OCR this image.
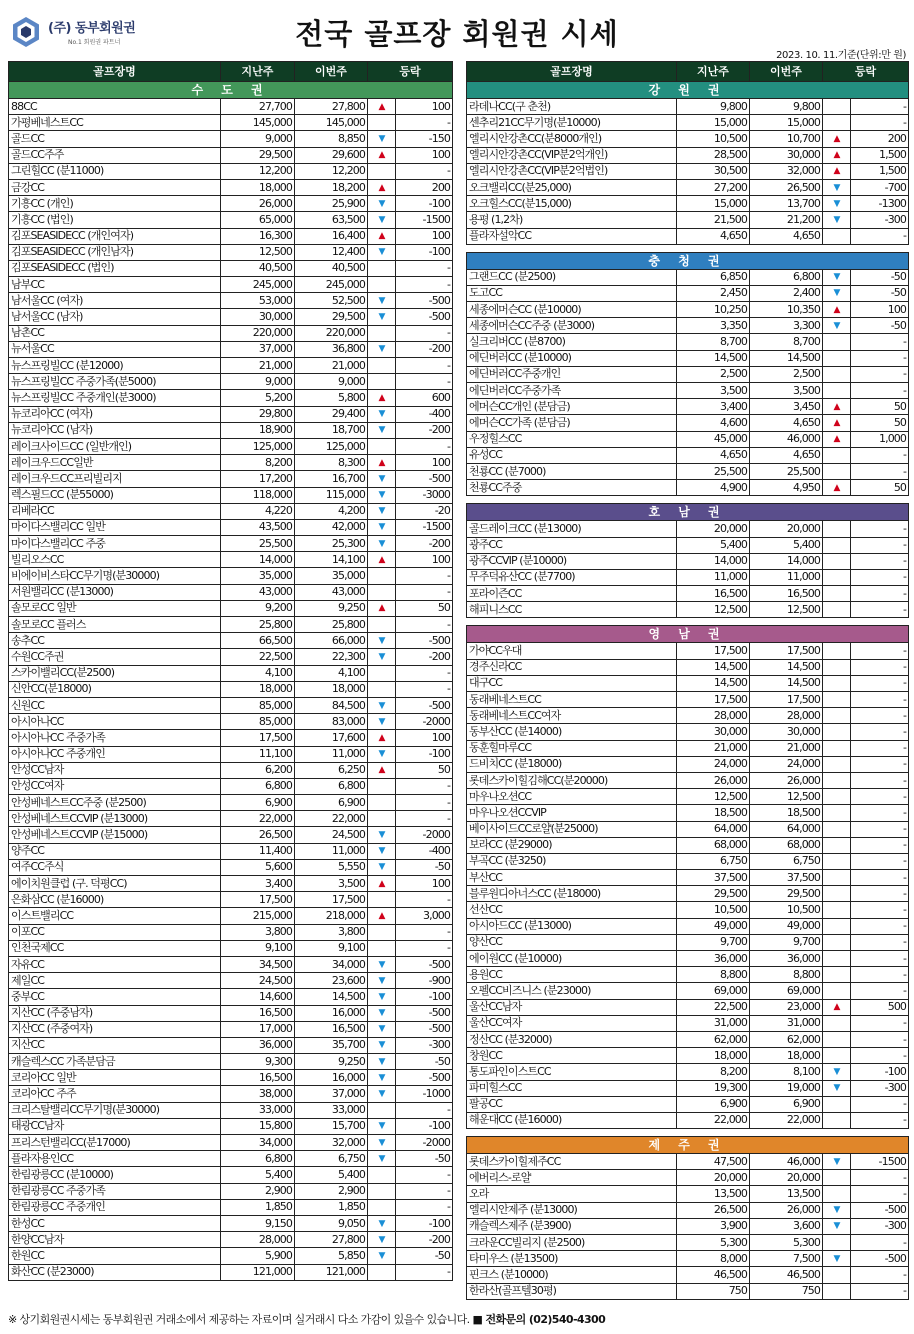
(주) 동부회원권
No.1 회원권 파트너	전국 골프장 회원권 시세
2023. 10. 11.기준(단위:만 원)
골프장명	지난주	이번주	등락	
수 도 권				
88CC	27,700	27,800	▲	100
가평베네스트CC	145,000	145,000		-
골드CC	9,000	8,850	▼	-150
골드CC주주	29,500	29,600	▲	100
그린힐CC (분11000)	12,200	12,200		-
금강CC	18,000	18,200	▲	200
기흥CC (개인)	26,000	25,900	▼	-100
기흥CC (법인)	65,000	63,500	▼	-1500
김포SEASIDECC (개인여자)	16,300	16,400	▲	100
김포SEASIDECC (개인남자)	12,500	12,400	▼	-100
김포SEASIDECC (법인)	40,500	40,500		-
남부CC	245,000	245,000		-
남서울CC (여자)	53,000	52,500	▼	-500
남서울CC (남자)	30,000	29,500	▼	-500
남촌CC	220,000	220,000		-
뉴서울CC	37,000	36,800	▼	-200
뉴스프링빌CC (분12000)	21,000	21,000		-
뉴스프링빌CC 주중가족(분5000)	9,000	9,000		-
뉴스프링빌CC 주중개인(분3000)	5,200	5,800	▲	600
뉴코리아CC (여자)	29,800	29,400	▼	-400
뉴코리아CC (남자)	18,900	18,700	▼	-200
레이크사이드CC (일반개인)	125,000	125,000		-
레이크우드CC일반	8,200	8,300	▲	100
레이크우드CC프리빌리지	17,200	16,700	▼	-500
렉스필드CC (분55000)	118,000	115,000	▼	-3000
리베라CC	4,220	4,200	▼	-20
마이다스밸리CC 일반	43,500	42,000	▼	-1500
마이다스밸리CC 주중	25,500	25,300	▼	-200
빌리오스CC	14,000	14,100	▲	100
비에이비스타CC무기명(분30000)	35,000	35,000		-
서원밸리CC (분13000)	43,000	43,000		-
솔모로CC 일반	9,200	9,250	▲	50
솔모로CC 플러스	25,800	25,800		-
송추CC	66,500	66,000	▼	-500
수원CC주권	22,500	22,300	▼	-200
스카이밸리CC(분2500)	4,100	4,100		-
신안CC(분18000)	18,000	18,000		-
신원CC	85,000	84,500	▼	-500
아시아나CC	85,000	83,000	▼	-2000
아시아나CC 주중가족	17,500	17,600	▲	100
아시아나CC 주중개인	11,100	11,000	▼	-100
안성CC남자	6,200	6,250	▲	50
안성CC여자	6,800	6,800		-
안성베네스트CC주중 (분2500)	6,900	6,900		-
안성베네스트CCVIP (분13000)	22,000	22,000		-
안성베네스트CCVIP (분15000)	26,500	24,500	▼	-2000
양주CC	11,400	11,000	▼	-400
여주CC주식	5,600	5,550	▼	-50
에이치원클럽 (구. 덕평CC)	3,400	3,500	▲	100
은화삼CC (분16000)	17,500	17,500		-
이스트밸리CC	215,000	218,000	▲	3,000
이포CC	3,800	3,800		-
인천국제CC	9,100	9,100		-
자유CC	34,500	34,000	▼	-500
제일CC	24,500	23,600	▼	-900
중부CC	14,600	14,500	▼	-100
지산CC (주중남자)	16,500	16,000	▼	-500
지산CC (주중여자)	17,000	16,500	▼	-500
지산CC	36,000	35,700	▼	-300
캐슬렉스CC 가족분담금	9,300	9,250	▼	-50
코리아CC 일반	16,500	16,000	▼	-500
코리아CC 주주	38,000	37,000	▼	-1000
크리스탈밸리CC무기명(분30000)	33,000	33,000		-
태광CC남자	15,800	15,700	▼	-100
프리스턴밸리CC(분17000)	34,000	32,000	▼	-2000
플라자용인CC	6,800	6,750	▼	-50
한림광릉CC (분10000)	5,400	5,400		-
한림광릉CC 주중가족	2,900	2,900		-
한림광릉CC 주중개인	1,850	1,850		-
한성CC	9,150	9,050	▼	-100
한양CC남자	28,000	27,800	▼	-200
한원CC	5,900	5,850	▼	-50
화산CC (분23000)	121,000	121,000		-
골프장명	지난주	이번주	등락	
강 원 권				
라데나CC(구 춘천)	9,800	9,800		-
센추리21CC무기명(분10000)	15,000	15,000		-
엘리시안강촌CC(분8000개인)	10,500	10,700	▲	200
엘리시안강촌CC(VIP분2억개인)	28,500	30,000	▲	1,500
엘리시안강촌CC(VIP분2억법인)	30,500	32,000	▲	1,500
오크밸리CC(분25,000)	27,200	26,500	▼	-700
오크힐스CC(분15,000)	15,000	13,700	▼	-1300
용평 (1,2차)	21,500	21,200	▼	-300
플라자설악CC	4,650	4,650		-

충 청 권				
그랜드CC (분2500)	6,850	6,800	▼	-50
도고CC	2,450	2,400	▼	-50
세종에머슨CC (분10000)	10,250	10,350	▲	100
세종에머슨CC주중 (분3000)	3,350	3,300	▼	-50
실크리버CC (분8700)	8,700	8,700		-
에딘버러CC (분10000)	14,500	14,500		-
에딘버러CC주중개인	2,500	2,500		-
에딘버러CC주중가족	3,500	3,500		-
에머슨CC개인 (분담금)	3,400	3,450	▲	50
에머슨CC가족 (분담금)	4,600	4,650	▲	50
우정힐스CC	45,000	46,000	▲	1,000
유성CC	4,650	4,650		-
천룡CC (분7000)	25,500	25,500		-
천룡CC주중	4,900	4,950	▲	50

호 남 권				
골드레이크CC (분13000)	20,000	20,000		-
광주CC	5,400	5,400		-
광주CCVIP (분10000)	14,000	14,000		-
무주덕유산CC (분7700)	11,000	11,000		-
포라이즌CC	16,500	16,500		-
해피니스CC	12,500	12,500		-

영 남 권				
가야CC우대	17,500	17,500		-
경주신라CC	14,500	14,500		-
대구CC	14,500	14,500		-
동래베네스트CC	17,500	17,500		-
동래베네스트CC여자	28,000	28,000		-
동부산CC (분14000)	30,000	30,000		-
동훈힐마루CC	21,000	21,000		-
드비치CC (분18000)	24,000	24,000		-
롯데스카이힐김해CC(분20000)	26,000	26,000		-
마우나오션CC	12,500	12,500		-
마우나오션CCVIP	18,500	18,500		-
베이사이드CC로얄(분25000)	64,000	64,000		-
보라CC (분29000)	68,000	68,000		-
부곡CC (분3250)	6,750	6,750		-
부산CC	37,500	37,500		-
블루원디아너스CC (분18000)	29,500	29,500		-
선산CC	10,500	10,500		-
아시아드CC (분13000)	49,000	49,000		-
양산CC	9,700	9,700		-
에이원CC (분10000)	36,000	36,000		-
용원CC	8,800	8,800		-
오펠CC비즈니스 (분23000)	69,000	69,000		-
울산CC남자	22,500	23,000	▲	500
울산CC여자	31,000	31,000		-
정산CC (분32000)	62,000	62,000		-
창원CC	18,000	18,000		-
통도파인이스트CC	8,200	8,100	▼	-100
파미힐스CC	19,300	19,000	▼	-300
팔공CC	6,900	6,900		-
해운대CC (분16000)	22,000	22,000		-

제 주 권				
롯데스카이힐제주CC	47,500	46,000	▼	-1500
에버리스-로얄	20,000	20,000		-
오라	13,500	13,500		-
엘리시안제주 (분13000)	26,500	26,000	▼	-500
캐슬렉스제주 (분3900)	3,900	3,600	▼	-300
크라운CC빌리지 (분2500)	5,300	5,300		-
타미우스 (분13500)	8,000	7,500	▼	-500
핀크스 (분10000)	46,500	46,500		-
한라산(골프텔30평)	750	750		-
※ 상기회원권시세는 동부회원권 거래소에서 제공하는 자료이며 실거래시 다소 가감이 있을수 있습니다. ■ 전화문의 (02)540-4300
